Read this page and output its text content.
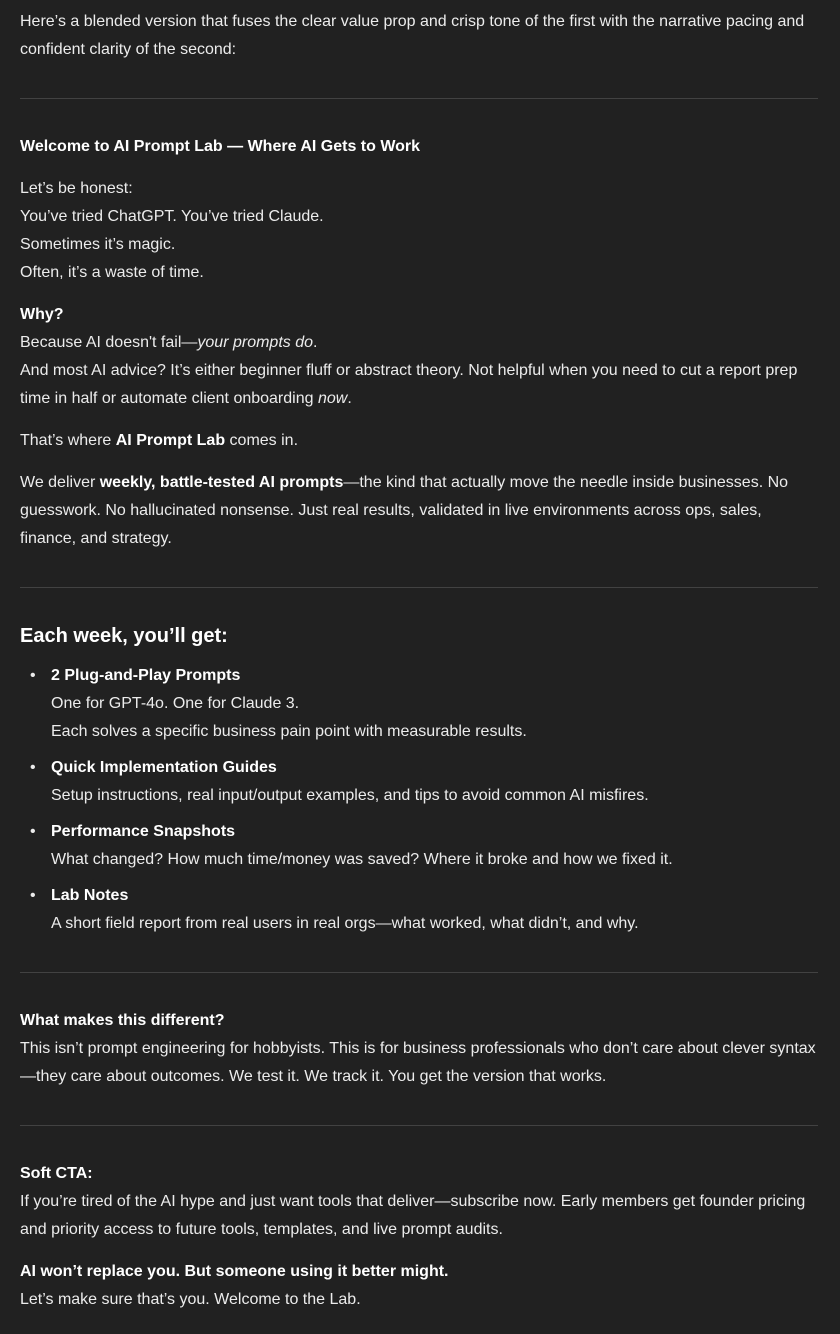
Here’s a blended version that fuses the clear value prop and crisp tone of the first with the narrative pacing and confident clarity of the second:

Welcome to AI Prompt Lab — Where AI Gets to Work

Let’s be honest:
You’ve tried ChatGPT. You’ve tried Claude.
Sometimes it’s magic.
Often, it’s a waste of time.

Why?
Because AI doesn't fail—your prompts do.
And most AI advice? It’s either beginner fluff or abstract theory. Not helpful when you need to cut a report prep time in half or automate client onboarding now.

That’s where AI Prompt Lab comes in.

We deliver weekly, battle-tested AI prompts—the kind that actually move the needle inside businesses. No guesswork. No hallucinated nonsense. Just real results, validated in live environments across ops, sales, finance, and strategy.

Each week, you’ll get:
• 2 Plug-and-Play Prompts
One for GPT-4o. One for Claude 3.
Each solves a specific business pain point with measurable results.
• Quick Implementation Guides
Setup instructions, real input/output examples, and tips to avoid common AI misfires.
• Performance Snapshots
What changed? How much time/money was saved? Where it broke and how we fixed it.
• Lab Notes
A short field report from real users in real orgs—what worked, what didn’t, and why.

What makes this different?
This isn’t prompt engineering for hobbyists. This is for business professionals who don’t care about clever syntax—they care about outcomes. We test it. We track it. You get the version that works.

Soft CTA:
If you’re tired of the AI hype and just want tools that deliver—subscribe now. Early members get founder pricing and priority access to future tools, templates, and live prompt audits.

AI won’t replace you. But someone using it better might.
Let’s make sure that’s you. Welcome to the Lab.
